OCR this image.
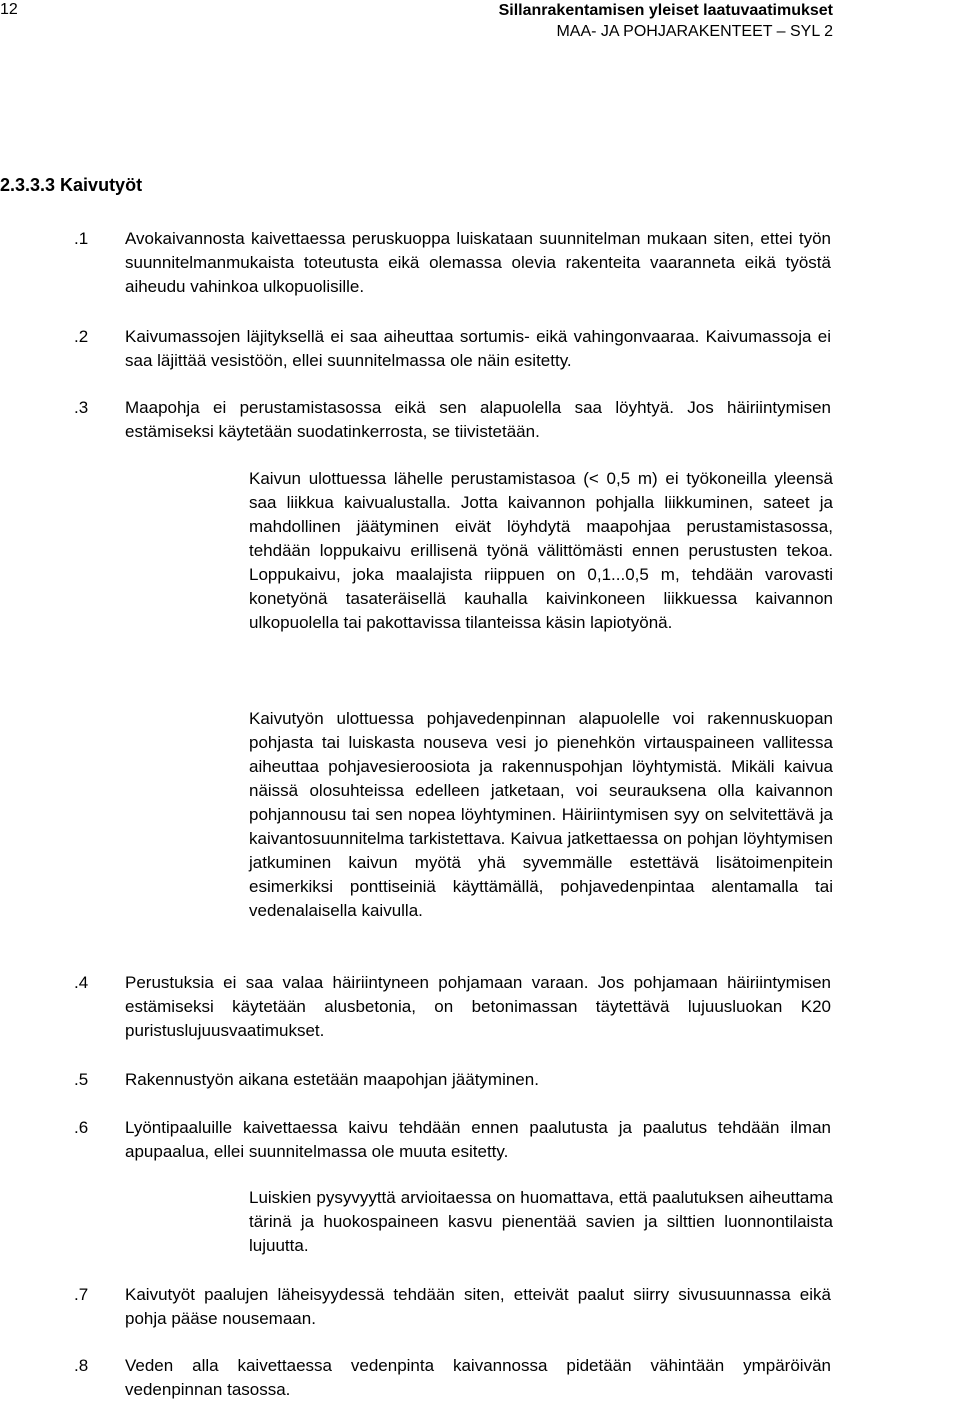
12	Sillanrakentamisen yleiset laatuvaatimukset
MAA- JA POHJARAKENTEET – SYL 2
2.3.3.3 Kaivutyöt
.1 Avokaivannosta kaivettaessa peruskuoppa luiskataan suunnitelman mukaan siten, ettei työn suunnitelmanmukaista toteutusta eikä olemassa olevia rakenteita vaaranneta eikä työstä aiheudu vahinkoa ulkopuolisille.
.2 Kaivumassojen läjityksellä ei saa aiheuttaa sortumis- eikä vahingonvaaraa. Kaivumassoja ei saa läjittää vesistöön, ellei suunnitelmassa ole näin esitetty.
.3 Maapohja ei perustamistasossa eikä sen alapuolella saa löyhtyä. Jos häiriintymisen estämiseksi käytetään suodatinkerrosta, se tiivistetään.
Kaivun ulottuessa lähelle perustamistasoa (< 0,5 m) ei työkoneilla yleensä saa liikkua kaivualustalla. Jotta kaivannon pohjalla liikkuminen, sateet ja mahdollinen jäätyminen eivät löyhdytä maapohjaa perustamistasossa, tehdään loppukaivu erillisenä työnä välittömästi ennen perustusten tekoa. Loppukaivu, joka maalajista riippuen on 0,1...0,5 m, tehdään varovasti konetyönä tasateräisellä kauhalla kaivinkoneen liikkuessa kaivannon ulkopuolella tai pakottavissa tilanteissa käsin lapiotyönä.
Kaivutyön ulottuessa pohjavedenpinnan alapuolelle voi rakennuskuopan pohjasta tai luiskasta nouseva vesi jo pienehkön virtauspaineen vallitessa aiheuttaa pohjavesieroosiota ja rakennuspohjan löyhtymistä. Mikäli kaivua näissä olosuhteissa edelleen jatketaan, voi seurauksena olla kaivannon pohjannousu tai sen nopea löyhtyminen. Häiriintymisen syy on selvitettävä ja kaivantosuunnitelma tarkistettava. Kaivua jatkettaessa on pohjan löyhtymisen jatkuminen kaivun myötä yhä syvemmälle estettävä lisätoimenpitein esimerkiksi ponttiseiniä käyttämällä, pohjavedenpintaa alentamalla tai vedenalaisella kaivulla.
.4 Perustuksia ei saa valaa häiriintyneen pohjamaan varaan. Jos pohjamaan häiriintymisen estämiseksi käytetään alusbetonia, on betonimassan täytettävä lujuusluokan K20 puristuslujuusvaatimukset.
.5 Rakennustyön aikana estetään maapohjan jäätyminen.
.6 Lyöntipaaluille kaivettaessa kaivu tehdään ennen paalutusta ja paalutus tehdään ilman apupaalua, ellei suunnitelmassa ole muuta esitetty.
Luiskien pysyvyyttä arvioitaessa on huomattava, että paalutuksen aiheuttama tärinä ja huokospaineen kasvu pienentää savien ja silttien luonnontilaista lujuutta.
.7 Kaivutyöt paalujen läheisyydessä tehdään siten, etteivät paalut siirry sivusuunnassa eikä pohja pääse nousemaan.
.8 Veden alla kaivettaessa vedenpinta kaivannossa pidetään vähintään ympäröivän vedenpinnan tasossa.
